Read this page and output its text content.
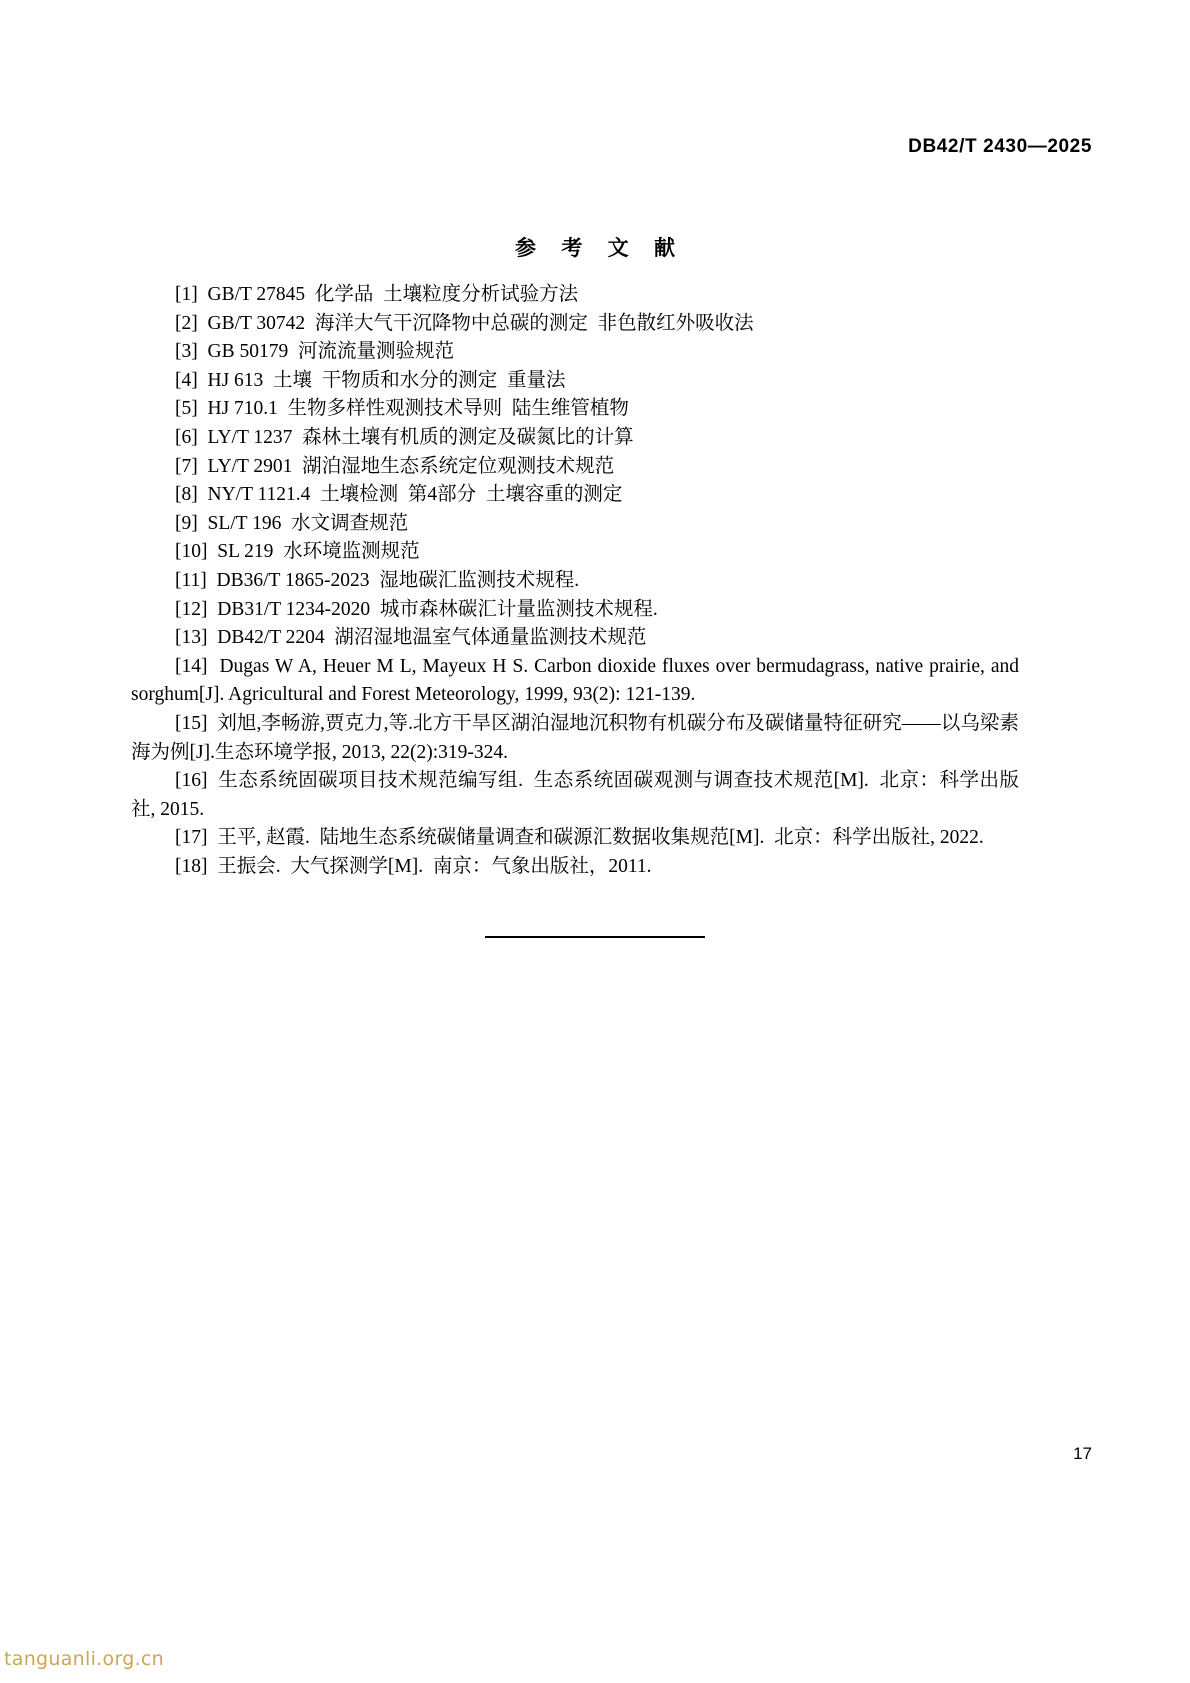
DB42/T 2430—2025
参 考 文 献

[1]  GB/T 27845  化学品  土壤粒度分析试验方法

[2]  GB/T 30742  海洋大气干沉降物中总碳的测定  非色散红外吸收法

[3]  GB 50179  河流流量测验规范

[4]  HJ 613  土壤  干物质和水分的测定  重量法

[5]  HJ 710.1  生物多样性观测技术导则  陆生维管植物

[6]  LY/T 1237  森林土壤有机质的测定及碳氮比的计算

[7]  LY/T 2901  湖泊湿地生态系统定位观测技术规范

[8]  NY/T 1121.4  土壤检测  第4部分  土壤容重的测定

[9]  SL/T 196  水文调查规范

[10]  SL 219  水环境监测规范

[11]  DB36/T 1865-2023  湿地碳汇监测技术规程.

[12]  DB31/T 1234-2020  城市森林碳汇计量监测技术规程.

[13]  DB42/T 2204  湖沼湿地温室气体通量监测技术规范

[14]  Dugas W A, Heuer M L, Mayeux H S. Carbon dioxide fluxes over bermudagrass, native prairie, and sorghum[J]. Agricultural and Forest Meteorology, 1999, 93(2): 121-139.

[15]  刘旭,李畅游,贾克力,等.北方干旱区湖泊湿地沉积物有机碳分布及碳储量特征研究——以乌梁素海为例[J].生态环境学报, 2013, 22(2):319-324.

[16]  生态系统固碳项目技术规范编写组.  生态系统固碳观测与调查技术规范[M].  北京：科学出版社, 2015.

[17]  王平, 赵霞.  陆地生态系统碳储量调查和碳源汇数据收集规范[M].  北京：科学出版社, 2022.

[18]  王振会.  大气探测学[M].  南京：气象出版社，2011.

17
tanguanli.org.cn
